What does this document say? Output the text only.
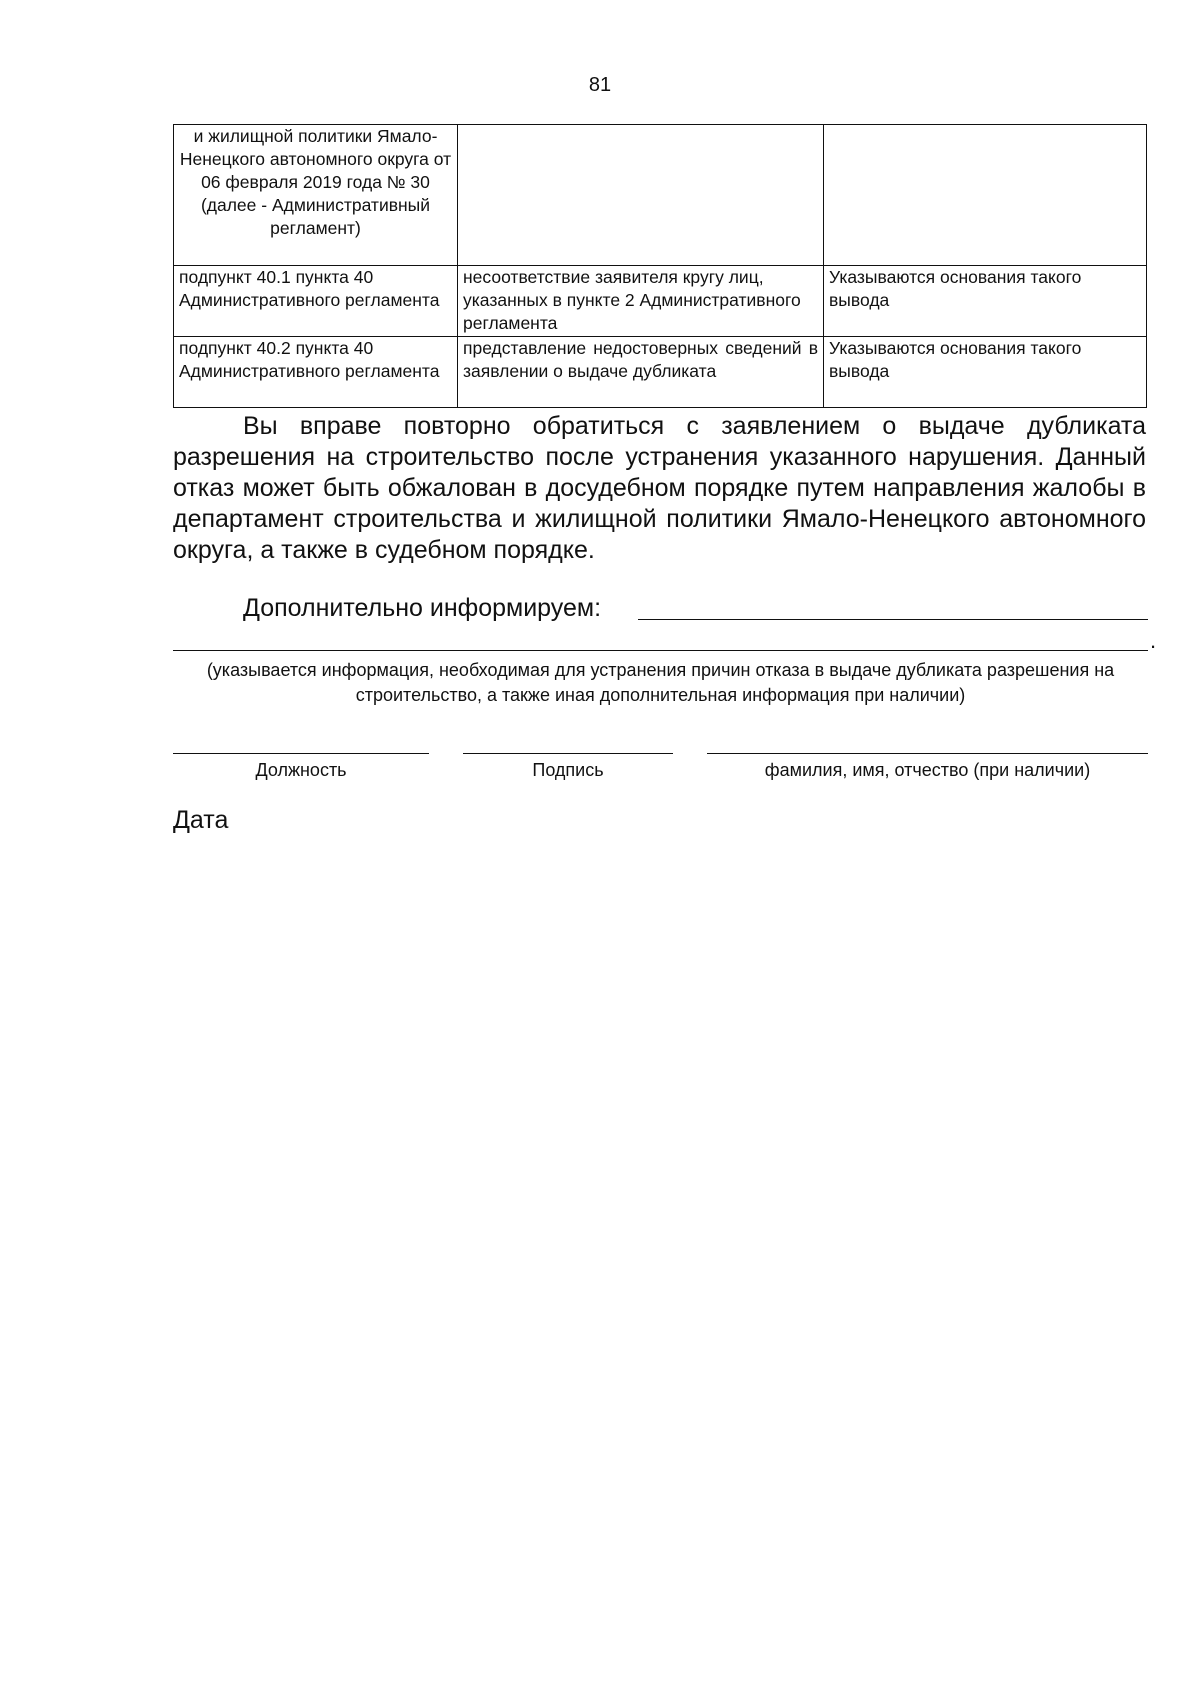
81
и жилищной политики Ямало-Ненецкого автономного округа от 06 февраля 2019 года № 30 (далее - Административный регламент)		
подпункт 40.1 пункта 40 Административного регламента	несоответствие заявителя кругу лиц, указанных в пункте 2 Административного регламента	Указываются основания такого вывода
подпункт 40.2 пункта 40 Административного регламента	представление недостоверных сведений в заявлении о выдаче дубликата	Указываются основания такого вывода

Вы вправе повторно обратиться с заявлением о выдаче дубликата разрешения на строительство после устранения указанного нарушения. Данный отказ может быть обжалован в досудебном порядке путем направления жалобы в департамент строительства и жилищной политики Ямало-Ненецкого автономного округа, а также в судебном порядке.

Дополнительно информируем:
.
(указывается информация, необходимая для устранения причин отказа в выдаче дубликата разрешения на строительство, а также иная дополнительная информация при наличии)
Должность	Подпись	фамилия, имя, отчество (при наличии)
Дата
